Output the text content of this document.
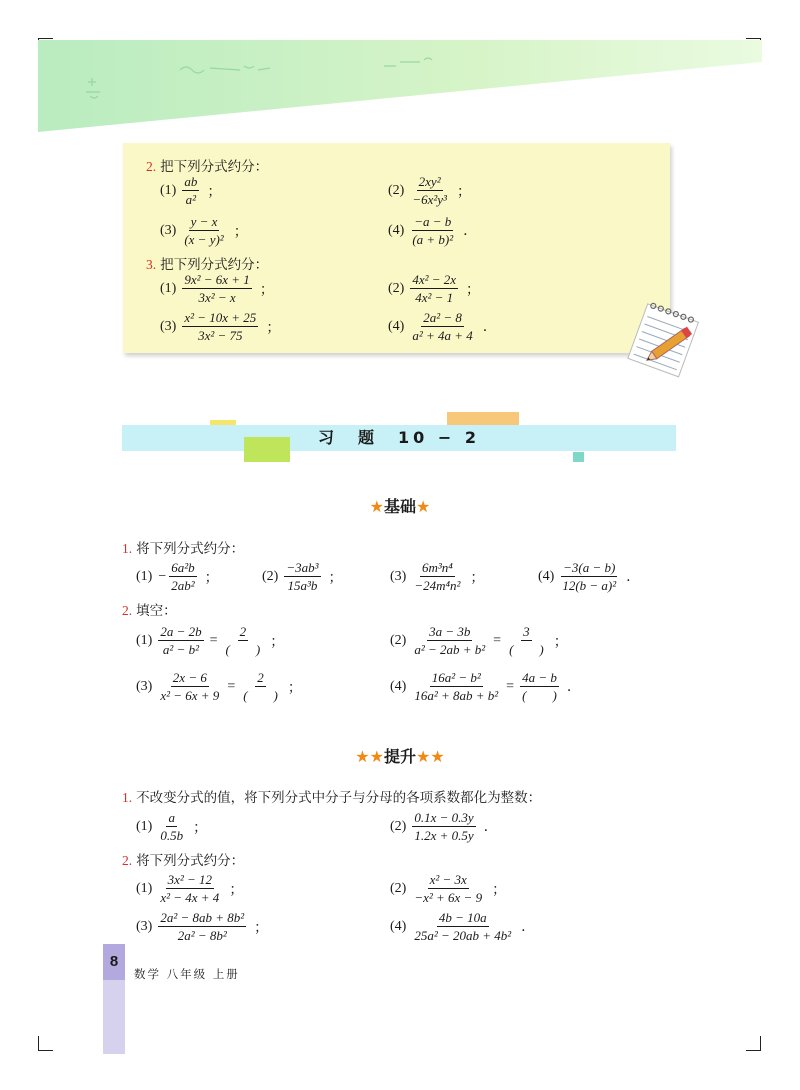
2. 把下列分式约分：
$(1) \frac{ab}{\text{a²}}$ ；	$(2) \frac{\text{2xy²}}{\text{−6x²y³}}$ ；
$(3) \frac{y - x}{\text{(x − y)²}}$ ；	$(4) \frac{-a - b}{\text{(a + b)²}}$ .
3. 把下列分式约分：
$(1) \frac{\text{9x² − 6x + 1}}{\text{3x² − x}}$ ；	$(2) \frac{\text{4x² − 2x}}{\text{4x² − 1}}$ ；
$(3) \frac{\text{x² − 10x + 25}}{\text{3x² − 75}}$ ；	$(4) \frac{\text{2a² − 8}}{\text{a² + 4a + 4}}$ .
习　题　10 − 2
★基础★
1. 将下列分式约分：
$(1) - \frac{\text{6a²b}}{\text{2ab²}}$ ；	$(2) \frac{\text{−3ab³}}{\text{15a³b}}$ ；	$(3) \frac{\text{6m³n⁴}}{\text{−24m⁴n²}}$ ；	$(4) \frac{-3(a - b)}{\text{12(b − a)²}}$ .
2. 填空：
$(1) \frac{2a - 2b}{\text{a² − b²}} = \frac{2}{( )}$ ；	$(2) \frac{3a - 3b}{\text{a² − 2ab + b²}} = \frac{3}{( )}$ ；
$(3) \frac{2x - 6}{\text{x² − 6x + 9}} = \frac{2}{( )}$ ；	$(4) \frac{\text{16a² − b²}}{\text{16a² + 8ab + b²}} = \frac{4a - b}{( )}$ .
★★提升★★
1. 不改变分式的值，将下列分式中分子与分母的各项系数都化为整数：
$(1) \frac{a}{0.5b}$ ；	$(2) \frac{0.1x - 0.3y}{1.2x + 0.5y}$ .
2. 将下列分式约分：
$(1) \frac{\text{3x² − 12}}{\text{x² − 4x + 4}}$ ；	$(2) \frac{\text{x² − 3x}}{\text{−x² + 6x − 9}}$ ；
$(3) \frac{\text{2a² − 8ab + 8b²}}{\text{2a² − 8b²}}$ ；	$(4) \frac{4b - 10a}{\text{25a² − 20ab + 4b²}}$ .
8
数学 八年级 上册
